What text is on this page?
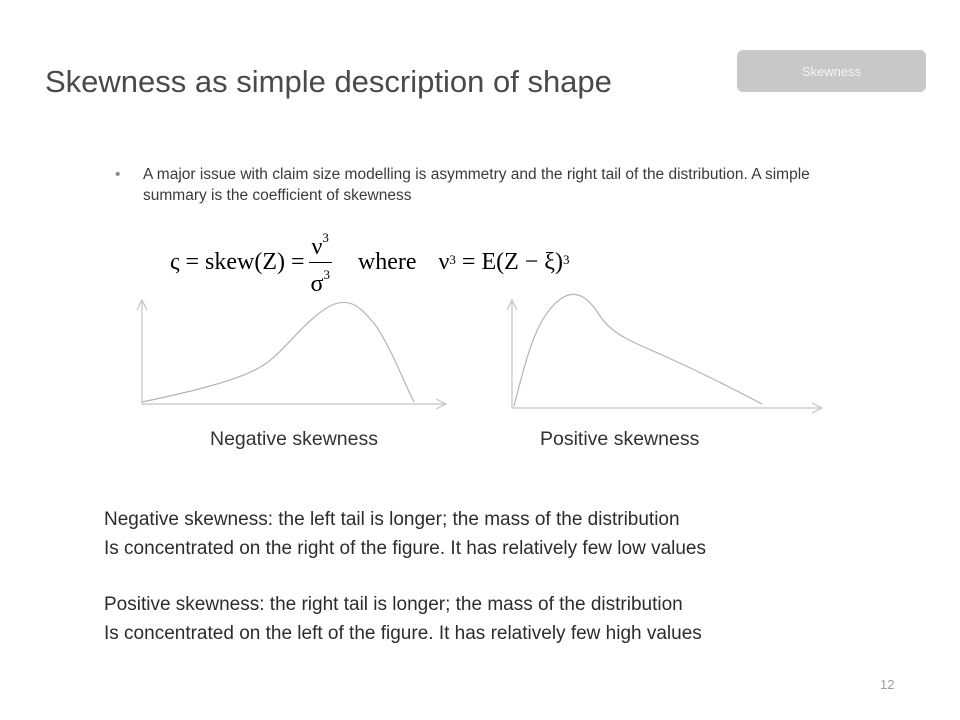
Skewness as simple description of shape	Skewness
•	A major issue with claim size modelling is asymmetry and the right tail of the distribution. A simple summary is the coefficient of skewness
ς = skew(Z) = $\frac{\nu^3}{\sigma^3}$ where $\nu^3 = E(Z - \xi)^3$
Negative skewness	Positive skewness
Negative skewness: the left tail is longer; the mass of the distribution
Is concentrated on the right of the figure. It has relatively few low values
Positive skewness: the right tail is longer; the mass of the distribution
Is concentrated on the left of the figure. It has relatively few high values
12
